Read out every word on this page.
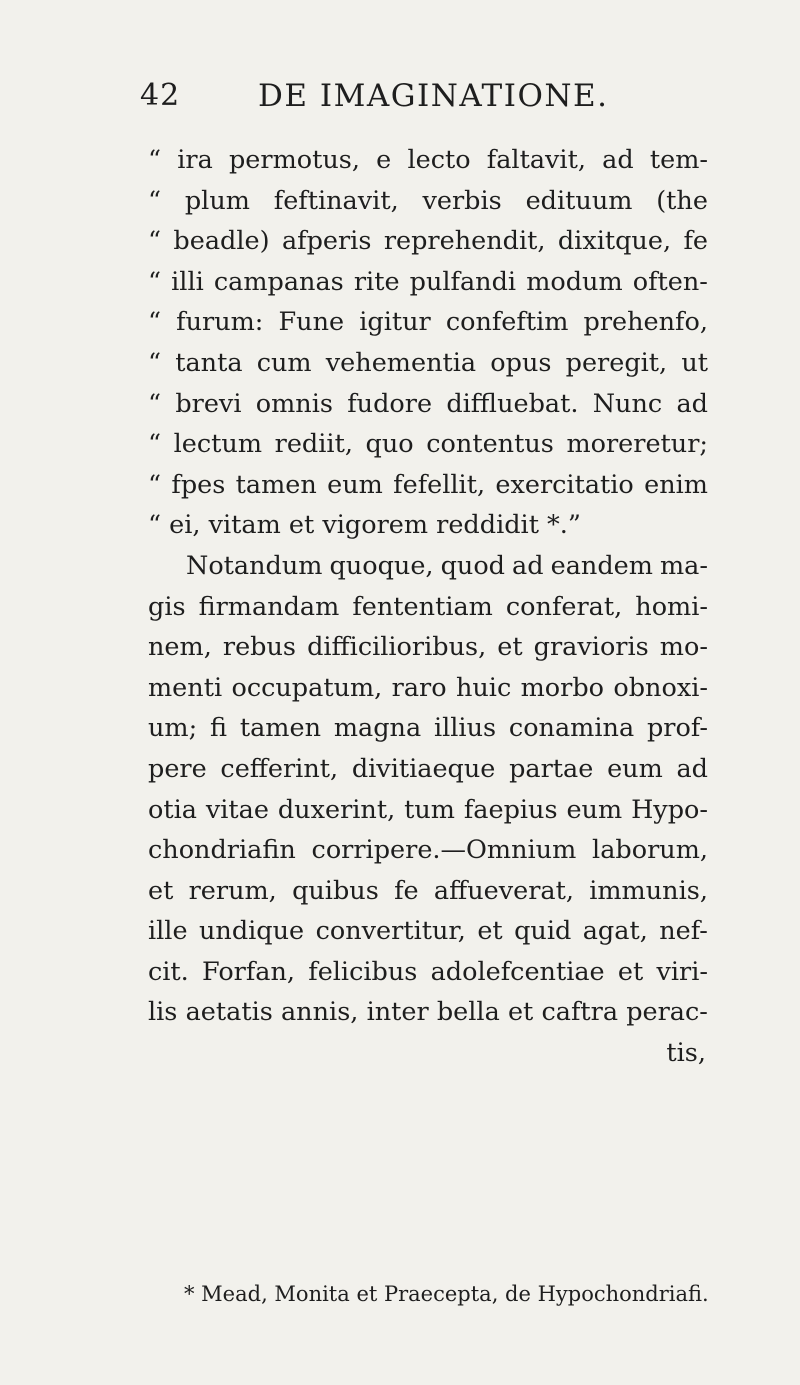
42	DE IMAGINATIONE.
“ ira permotus, e lecto faltavit, ad tem-
“ plum feftinavit, verbis edituum (the
“ beadle) afperis reprehendit, dixitque, fe
“ illi campanas rite pulfandi modum often-
“ furum: Fune igitur confeftim prehenfo,
“ tanta cum vehementia opus peregit, ut
“ brevi omnis fudore diffluebat. Nunc ad
“ lectum rediit, quo contentus moreretur;
“ fpes tamen eum fefellit, exercitatio enim
“ ei, vitam et vigorem reddidit *.”
Notandum quoque, quod ad eandem ma-
gis firmandam fententiam conferat, homi-
nem, rebus difficilioribus, et gravioris mo-
menti occupatum, raro huic morbo obnoxi-
um; fi tamen magna illius conamina prof-
pere cefferint, divitiaeque partae eum ad
otia vitae duxerint, tum faepius eum Hypo-
chondriafin corripere.—Omnium laborum,
et rerum, quibus fe affueverat, immunis,
ille undique convertitur, et quid agat, nef-
cit. Forfan, felicibus adolefcentiae et viri-
lis aetatis annis, inter bella et caftra perac-
tis,
* Mead, Monita et Praecepta, de Hypochondriafi.
